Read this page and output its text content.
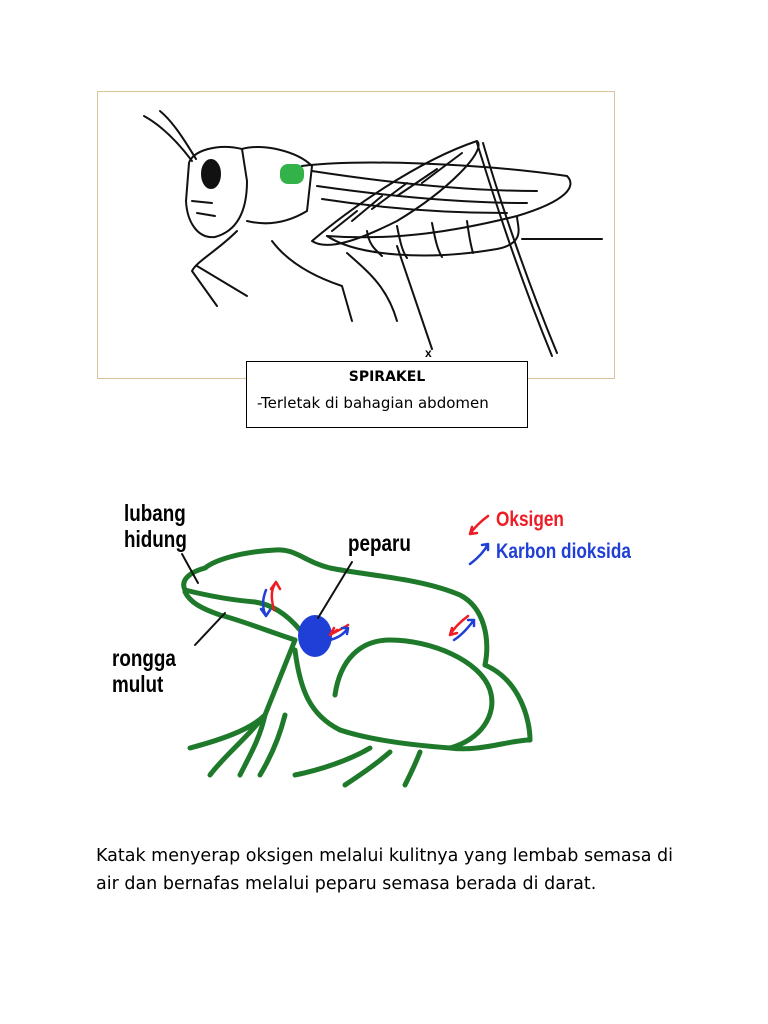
x
SPIRAKEL
-Terletak di bahagian abdomen
lubang
hidung	peparu
rongga
mulut
Oksigen
Karbon dioksida
Katak menyerap oksigen melalui kulitnya yang lembab semasa di air dan bernafas melalui peparu semasa berada di darat.
